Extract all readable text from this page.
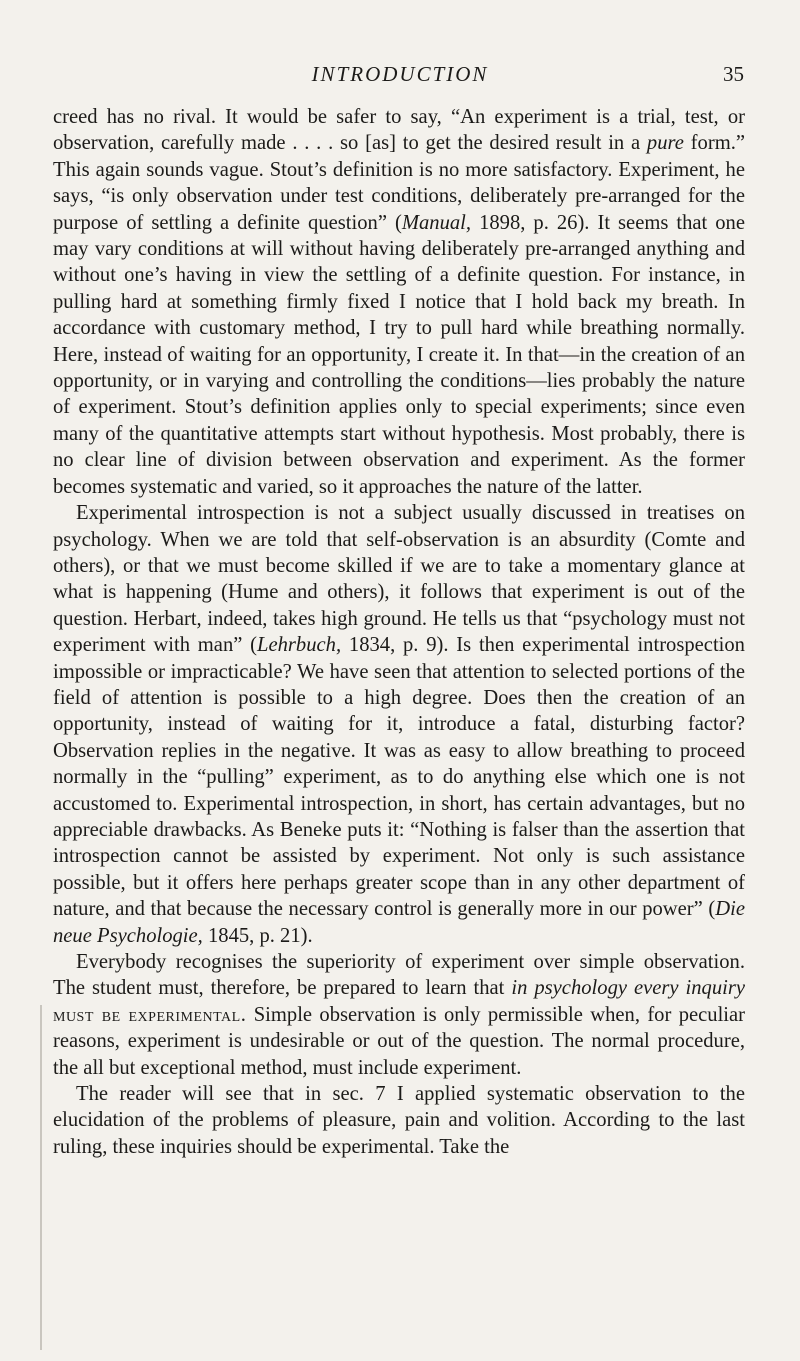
INTRODUCTION	35

creed has no rival. It would be safer to say, “An experiment is a trial, test, or observation, carefully made . . . . so [as] to get the desired result in a pure form.” This again sounds vague. Stout’s definition is no more satisfactory. Experiment, he says, “is only observation under test conditions, deliberately pre-arranged for the purpose of settling a definite question” (Manual, 1898, p. 26). It seems that one may vary conditions at will without having deliberately pre-arranged anything and without one’s having in view the settling of a definite question. For instance, in pulling hard at something firmly fixed I notice that I hold back my breath. In accordance with customary method, I try to pull hard while breathing normally. Here, instead of waiting for an opportunity, I create it. In that—in the creation of an opportunity, or in varying and controlling the conditions—lies probably the nature of experiment. Stout’s definition applies only to special experiments; since even many of the quantitative attempts start without hypothesis. Most probably, there is no clear line of division between observation and experiment. As the former becomes systematic and varied, so it approaches the nature of the latter.

Experimental introspection is not a subject usually discussed in treatises on psychology. When we are told that self-observation is an absurdity (Comte and others), or that we must become skilled if we are to take a momentary glance at what is happening (Hume and others), it follows that experiment is out of the question. Herbart, indeed, takes high ground. He tells us that “psychology must not experiment with man” (Lehrbuch, 1834, p. 9). Is then experimental introspection impossible or impracticable? We have seen that attention to selected portions of the field of attention is possible to a high degree. Does then the creation of an opportunity, instead of waiting for it, introduce a fatal, disturbing factor? Observation replies in the negative. It was as easy to allow breathing to proceed normally in the “pulling” experiment, as to do anything else which one is not accustomed to. Experimental introspection, in short, has certain advantages, but no appreciable drawbacks. As Beneke puts it: “Nothing is falser than the assertion that introspection cannot be assisted by experiment. Not only is such assistance possible, but it offers here perhaps greater scope than in any other department of nature, and that because the necessary control is generally more in our power” (Die neue Psychologie, 1845, p. 21).

Everybody recognises the superiority of experiment over simple observation. The student must, therefore, be prepared to learn that in psychology every inquiry must be experimental. Simple observation is only permissible when, for peculiar reasons, experiment is undesirable or out of the question. The normal procedure, the all but exceptional method, must include experiment.

The reader will see that in sec. 7 I applied systematic observation to the elucidation of the problems of pleasure, pain and volition. According to the last ruling, these inquiries should be experimental. Take the
